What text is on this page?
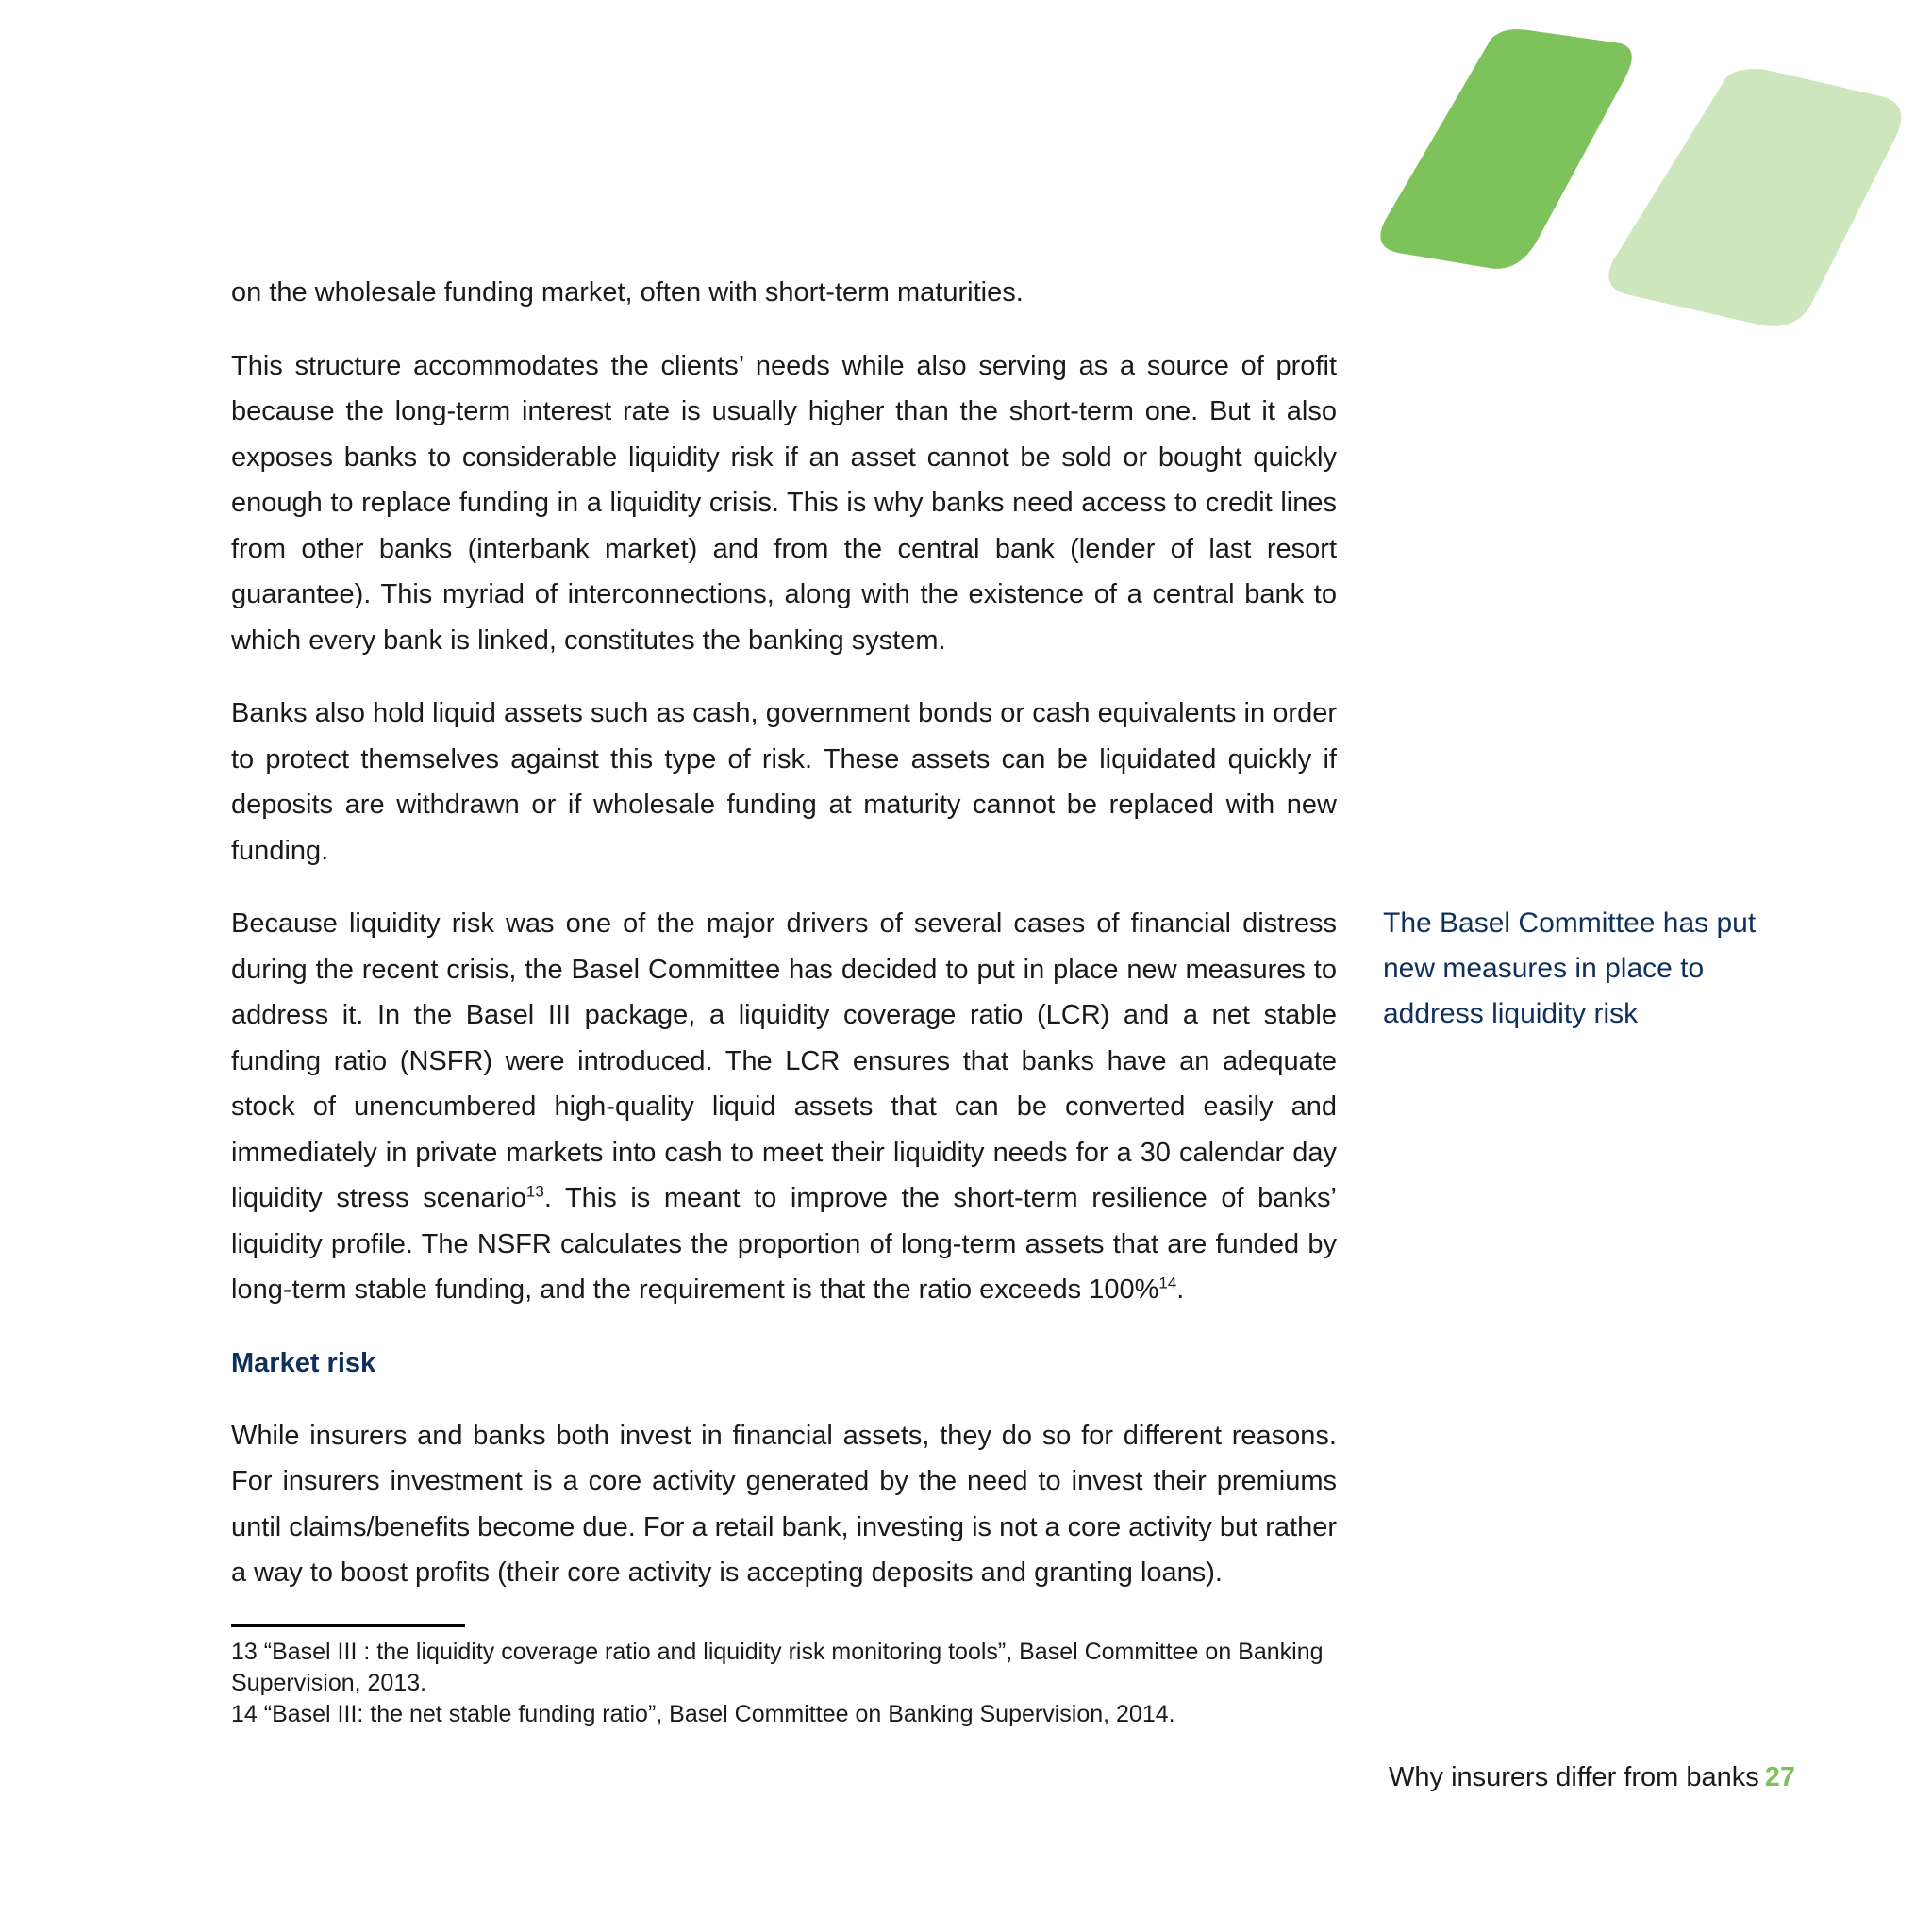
on the wholesale funding market, often with short-term maturities.

This structure accommodates the clients’ needs while also serving as a source of profit because the long-term interest rate is usually higher than the short-term one. But it also exposes banks to considerable liquidity risk if an asset cannot be sold or bought quickly enough to replace funding in a liquidity crisis. This is why banks need access to credit lines from other banks (interbank market) and from the central bank (lender of last resort guarantee). This myriad of interconnections, along with the existence of a central bank to which every bank is linked, constitutes the banking system.

Banks also hold liquid assets such as cash, government bonds or cash equivalents in order to protect themselves against this type of risk. These assets can be liquidated quickly if deposits are withdrawn or if wholesale funding at maturity cannot be replaced with new funding.

Because liquidity risk was one of the major drivers of several cases of financial distress during the recent crisis, the Basel Committee has decided to put in place new measures to address it. In the Basel III package, a liquidity coverage ratio (LCR) and a net stable funding ratio (NSFR) were introduced. The LCR ensures that banks have an adequate stock of unencumbered high-quality liquid assets that can be converted easily and immediately in private markets into cash to meet their liquidity needs for a 30 calendar day liquidity stress scenario$^{13}$. This is meant to improve the short-term resilience of banks’ liquidity profile. The NSFR calculates the proportion of long-term assets that are funded by long-term stable funding, and the requirement is that the ratio exceeds 100%$^{14}$.

Market risk

While insurers and banks both invest in financial assets, they do so for different reasons. For insurers investment is a core activity generated by the need to invest their premiums until claims/benefits become due. For a retail bank, investing is not a core activity but rather a way to boost profits (their core activity is accepting deposits and granting loans).

13 “Basel III : the liquidity coverage ratio and liquidity risk monitoring tools”, Basel Committee on Banking Supervision, 2013.

14 “Basel III: the net stable funding ratio”, Basel Committee on Banking Supervision, 2014.

The Basel Committee has put new measures in place to address liquidity risk
Why insurers differ from banks 27
